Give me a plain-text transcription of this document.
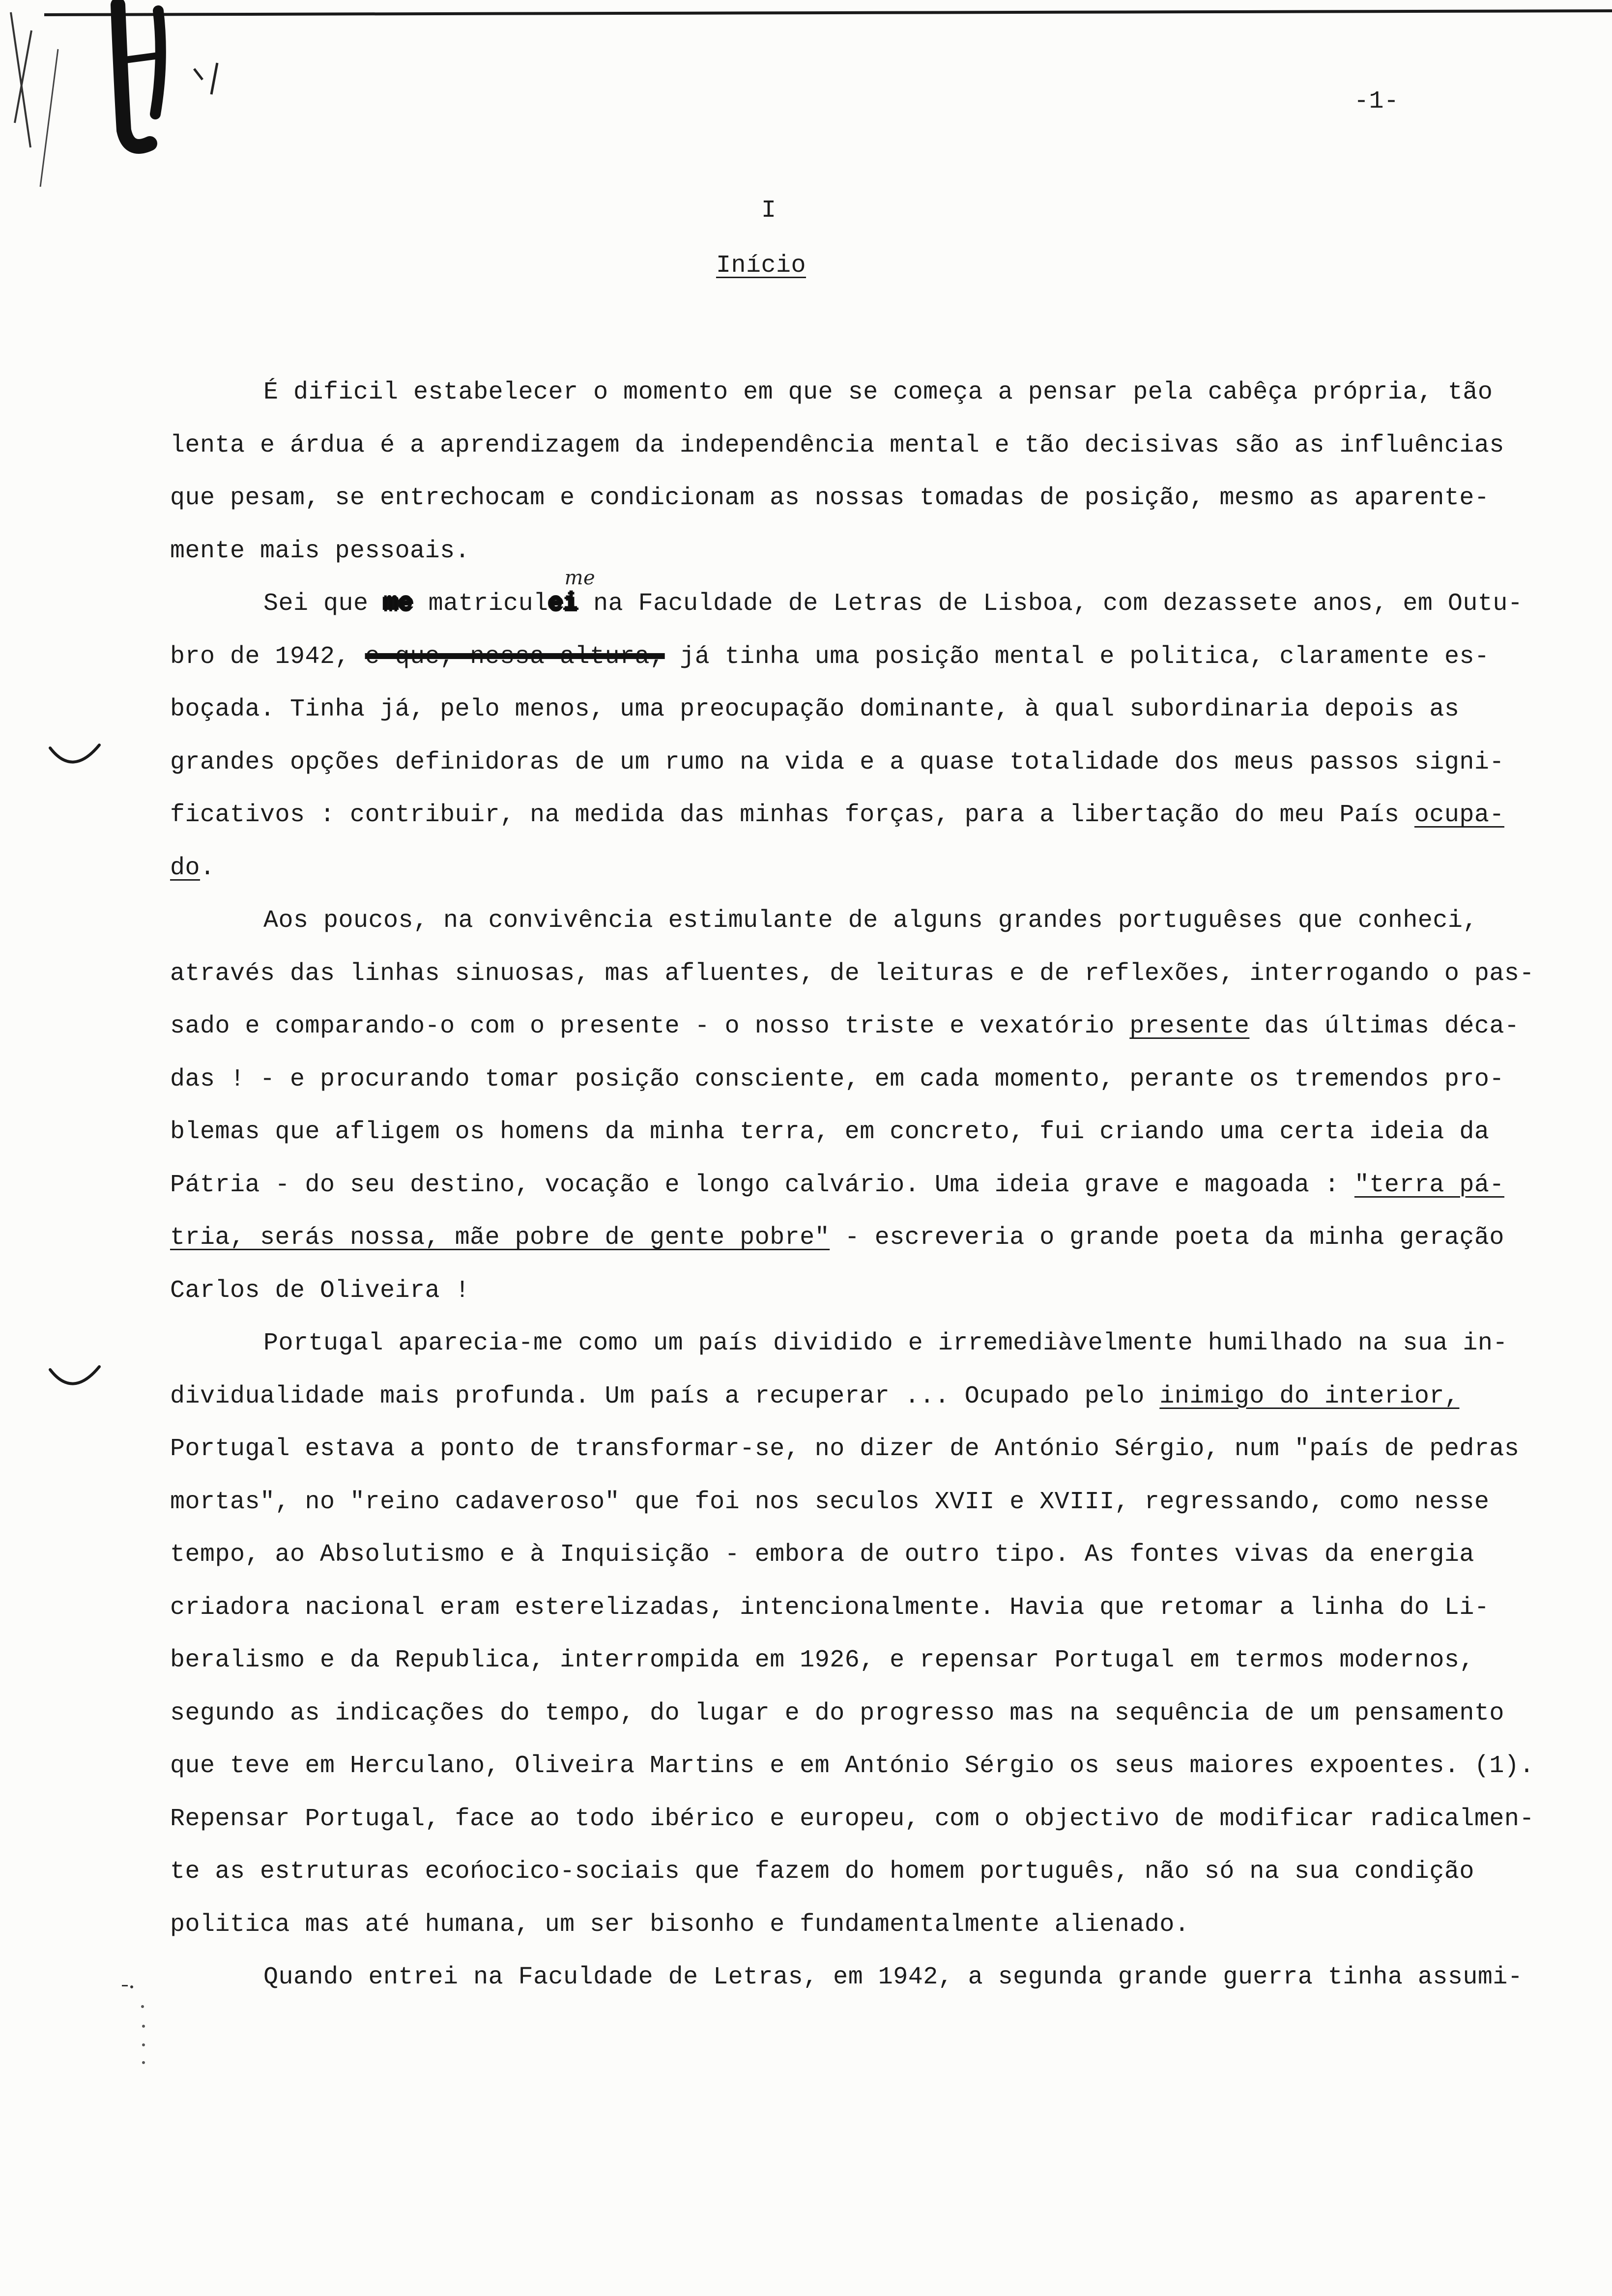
-1-
I
Início
É dificil estabelecer o momento em que se começa a pensar pela cabêça própria, tão
lenta e árdua é a aprendizagem da independência mental e tão decisivas são as influências
que pesam, se entrechocam e condicionam as nossas tomadas de posição, mesmo as aparente-
mente mais pessoais.
Sei que me matriculeime na Faculdade de Letras de Lisboa, com dezassete anos, em Outu-
bro de 1942, e que, nessa altura, já tinha uma posição mental e politica, claramente es-
boçada. Tinha já, pelo menos, uma preocupação dominante, à qual subordinaria depois as
grandes opções definidoras de um rumo na vida e a quase totalidade dos meus passos signi-
ficativos : contribuir, na medida das minhas forças, para a libertação do meu País ocupa-
do.
Aos poucos, na convivência estimulante de alguns grandes portuguêses que conheci,
através das linhas sinuosas, mas afluentes, de leituras e de reflexões, interrogando o pas-
sado e comparando-o com o presente - o nosso triste e vexatório presente das últimas déca-
das ! - e procurando tomar posição consciente, em cada momento, perante os tremendos pro-
blemas que afligem os homens da minha terra, em concreto, fui criando uma certa ideia da
Pátria - do seu destino, vocação e longo calvário. Uma ideia grave e magoada : "terra pá-
tria, serás nossa, mãe pobre de gente pobre" - escreveria o grande poeta da minha geração
Carlos de Oliveira !
Portugal aparecia-me como um país dividido e irremediàvelmente humilhado na sua in-
dividualidade mais profunda. Um país a recuperar ... Ocupado pelo inimigo do interior,
Portugal estava a ponto de transformar-se, no dizer de António Sérgio, num "país de pedras
mortas", no "reino cadaveroso" que foi nos seculos XVII e XVIII, regressando, como nesse
tempo, ao Absolutismo e à Inquisição - embora de outro tipo. As fontes vivas da energia
criadora nacional eram esterelizadas, intencionalmente. Havia que retomar a linha do Li-
beralismo e da Republica, interrompida em 1926, e repensar Portugal em termos modernos,
segundo as indicações do tempo, do lugar e do progresso mas na sequência de um pensamento
que teve em Herculano, Oliveira Martins e em António Sérgio os seus maiores expoentes. (1).
Repensar Portugal, face ao todo ibérico e europeu, com o objectivo de modificar radicalmen-
te as estruturas ecońocico-sociais que fazem do homem português, não só na sua condição
politica mas até humana, um ser bisonho e fundamentalmente alienado.
Quando entrei na Faculdade de Letras, em 1942, a segunda grande guerra tinha assumi-
